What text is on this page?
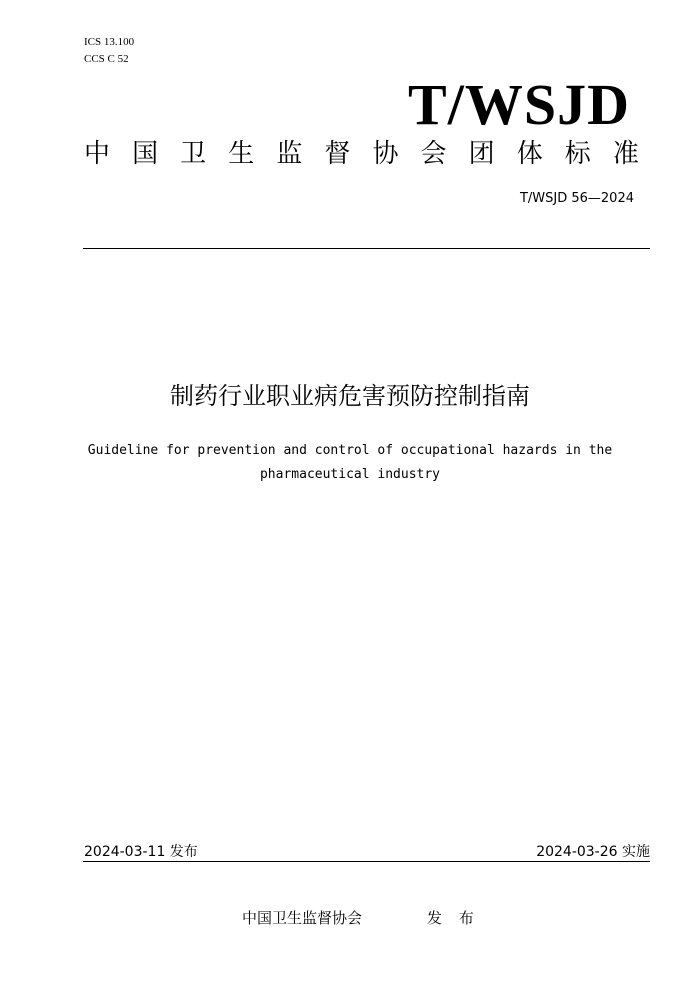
ICS 13.100
CCS C 52
T/WSJD
中 国 卫 生 监 督 协 会 团 体 标 准
T/WSJD 56—2024
制药行业职业病危害预防控制指南
Guideline for prevention and control of occupational hazards in the
pharmaceutical industry
2024-03-11 发布	2024-03-26 实施
中国卫生监督协会	发 布
